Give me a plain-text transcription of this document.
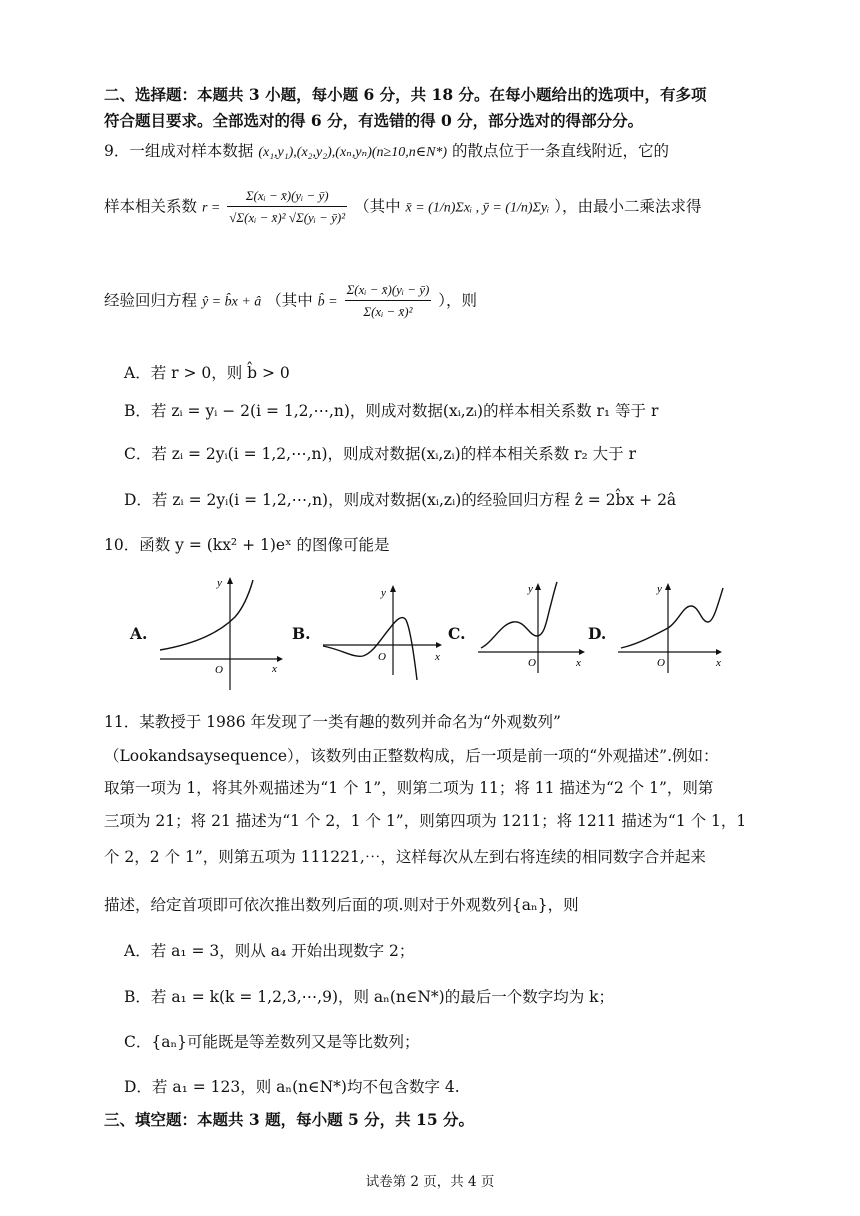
二、选择题：本题共 3 小题，每小题 6 分，共 18 分。在每小题给出的选项中，有多项
符合题目要求。全部选对的得 6 分，有选错的得 0 分，部分选对的得部分分。
9．一组成对样本数据 (x₁,y₁),(x₂,y₂),(xₙ,yₙ)(n≥10,n∈N*) 的散点位于一条直线附近，它的
样本相关系数 $r = \frac{\text{Σ(xᵢ − x̄)(yᵢ − ȳ)}}{\text{√Σ(xᵢ − x̄)² √Σ(yᵢ − ȳ)²}}$ （其中 x̄ = (1/n)Σxᵢ , ȳ = (1/n)Σyᵢ ），由最小二乘法求得
经验回归方程 ŷ = b̂x + â （其中 b̂ = $\frac{\text{Σ(xᵢ − x̄)(yᵢ − ȳ)}}{\text{Σ(xᵢ − x̄)²}}$ ），则
A．若 r > 0，则 b̂ > 0
B．若 zᵢ = yᵢ − 2(i = 1,2,⋯,n)，则成对数据(xᵢ,zᵢ)的样本相关系数 r₁ 等于 r
C．若 zᵢ = 2yᵢ(i = 1,2,⋯,n)，则成对数据(xᵢ,zᵢ)的样本相关系数 r₂ 大于 r
D．若 zᵢ = 2yᵢ(i = 1,2,⋯,n)，则成对数据(xᵢ,zᵢ)的经验回归方程 ẑ = 2b̂x + 2â
10．函数 y = (kx² + 1)eˣ 的图像可能是
A.
y
x
O
B.
y
x
O
C.
y
x
O
D.
y
x
O
11．某教授于 1986 年发现了一类有趣的数列并命名为“外观数列”
（Lookandsaysequence），该数列由正整数构成，后一项是前一项的“外观描述”.例如：
取第一项为 1，将其外观描述为“1 个 1”，则第二项为 11；将 11 描述为“2 个 1”，则第
三项为 21；将 21 描述为“1 个 2，1 个 1”，则第四项为 1211；将 1211 描述为“1 个 1，1
个 2，2 个 1”，则第五项为 111221,⋯，这样每次从左到右将连续的相同数字合并起来
描述，给定首项即可依次推出数列后面的项.则对于外观数列{aₙ}，则
A．若 a₁ = 3，则从 a₄ 开始出现数字 2；
B．若 a₁ = k(k = 1,2,3,⋯,9)，则 aₙ(n∈N*)的最后一个数字均为 k；
C．{aₙ}可能既是等差数列又是等比数列；
D．若 a₁ = 123，则 aₙ(n∈N*)均不包含数字 4.
三、填空题：本题共 3 题，每小题 5 分，共 15 分。
试卷第 2 页，共 4 页
